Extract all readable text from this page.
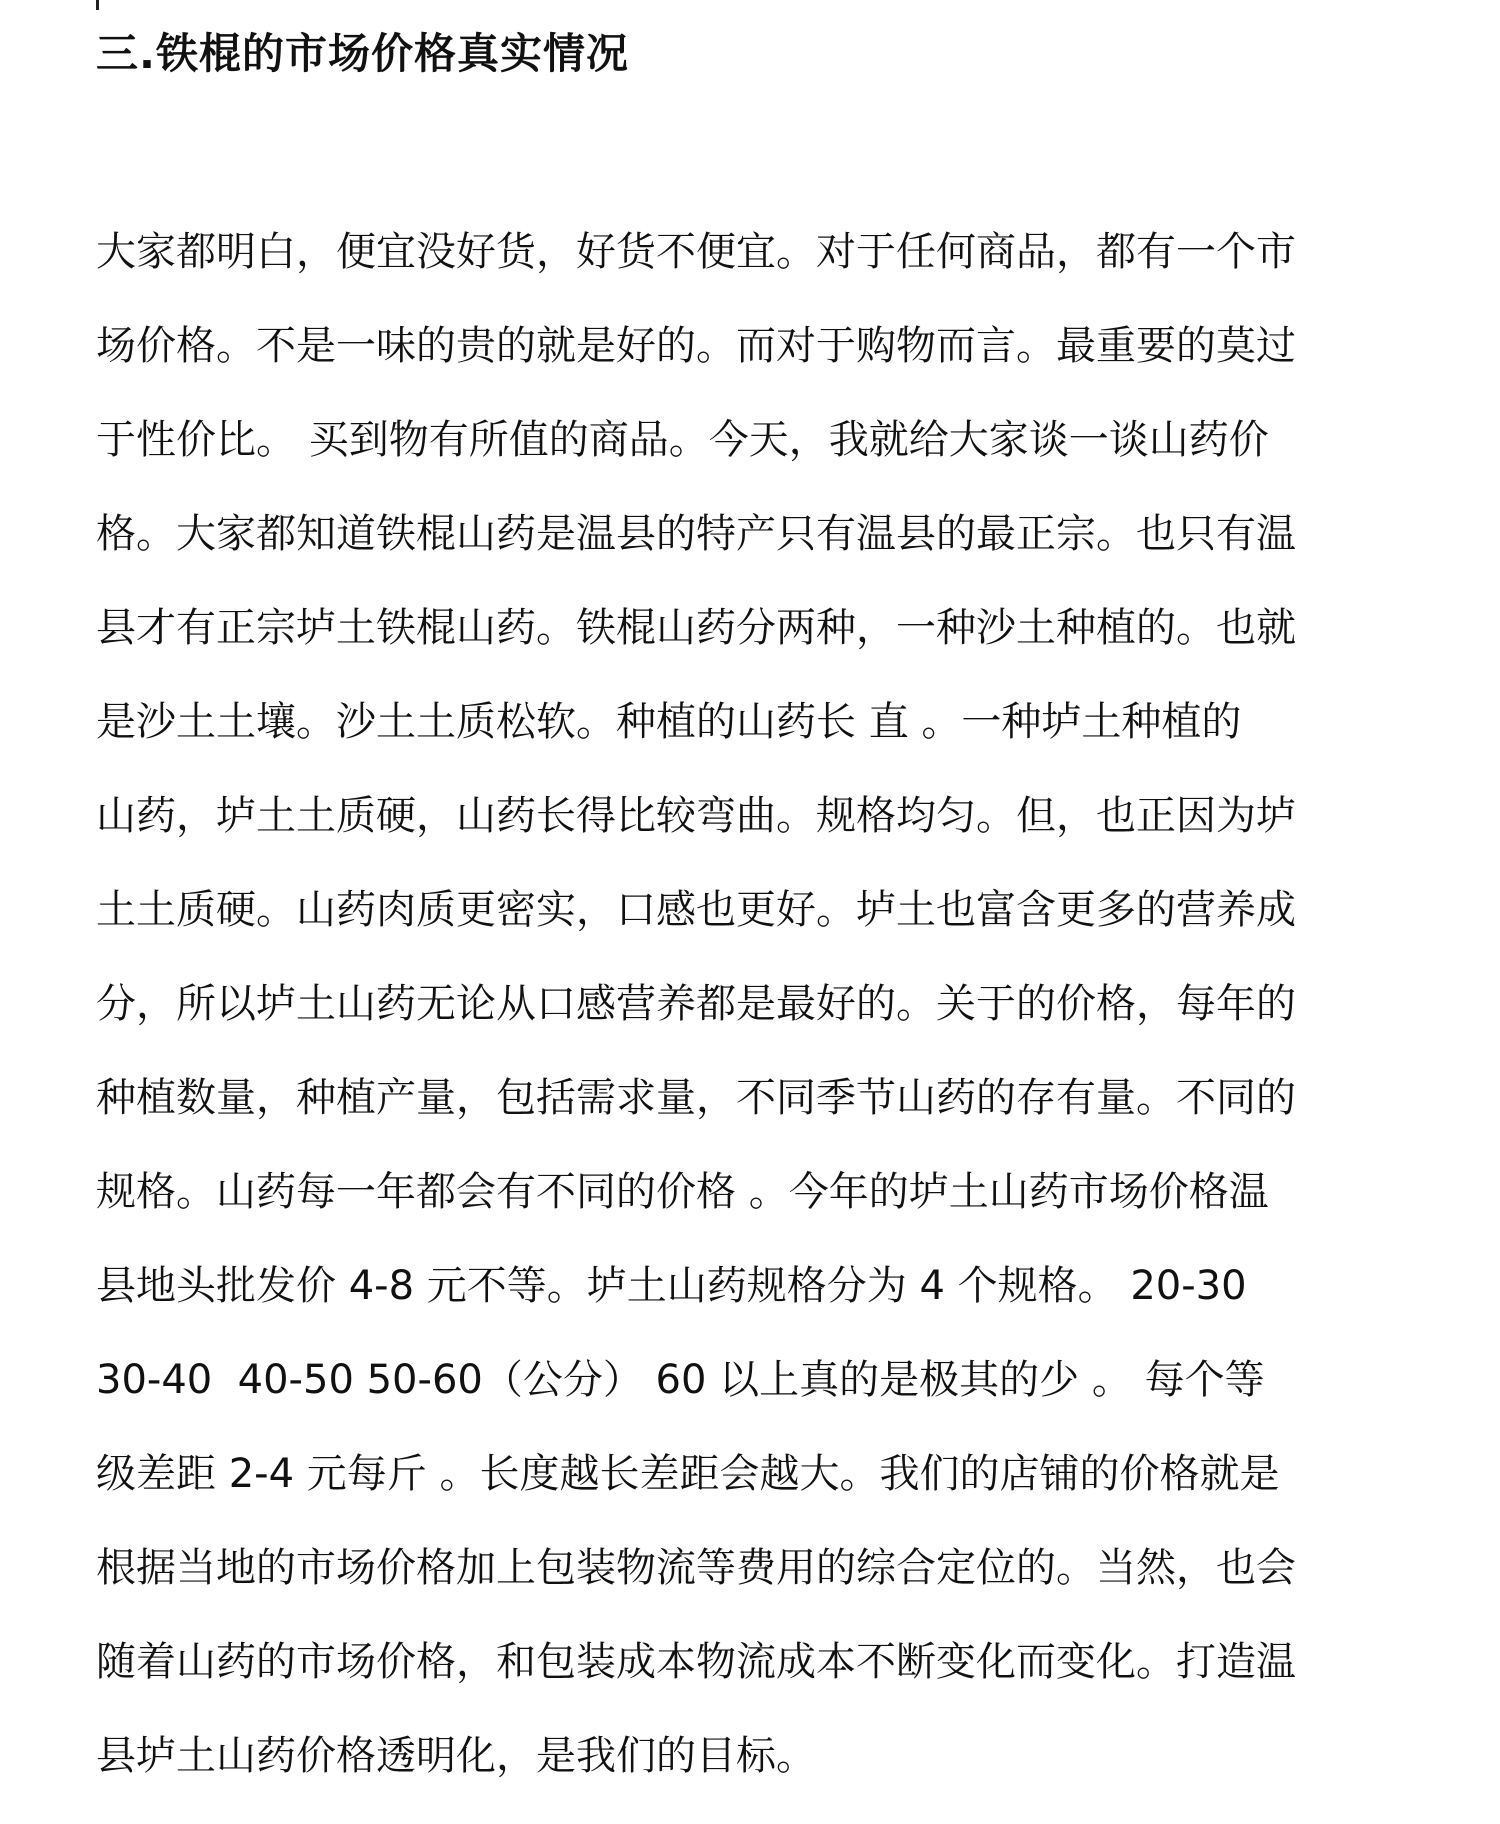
三.铁棍的市场价格真实情况
大家都明白，便宜没好货，好货不便宜。对于任何商品，都有一个市
场价格。不是一味的贵的就是好的。而对于购物而言。最重要的莫过
于性价比。 买到物有所值的商品。今天，我就给大家谈一谈山药价
格。大家都知道铁棍山药是温县的特产只有温县的最正宗。也只有温
县才有正宗垆土铁棍山药。铁棍山药分两种，一种沙土种植的。也就
是沙土土壤。沙土土质松软。种植的山药长 直 。一种垆土种植的
山药，垆土土质硬，山药长得比较弯曲。规格均匀。但，也正因为垆
土土质硬。山药肉质更密实，口感也更好。垆土也富含更多的营养成
分，所以垆土山药无论从口感营养都是最好的。关于的价格，每年的
种植数量，种植产量，包括需求量，不同季节山药的存有量。不同的
规格。山药每一年都会有不同的价格 。今年的垆土山药市场价格温
县地头批发价 4-8 元不等。垆土山药规格分为 4 个规格。 20-30
30-40  40-50 50-60（公分） 60 以上真的是极其的少 。 每个等
级差距 2-4 元每斤 。长度越长差距会越大。我们的店铺的价格就是
根据当地的市场价格加上包装物流等费用的综合定位的。当然，也会
随着山药的市场价格，和包装成本物流成本不断变化而变化。打造温
县垆土山药价格透明化，是我们的目标。
